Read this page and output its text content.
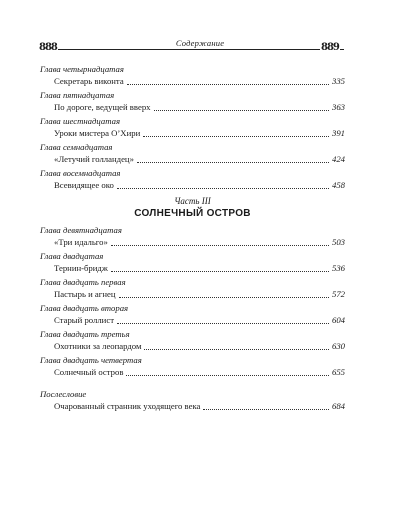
Содержание
888	889
Глава четырнадцатая
Секретарь виконта	335
Глава пятнадцатая
По дороге, ведущей вверх	363
Глава шестнадцатая
Уроки мистера О’Хири	391
Глава семнадцатая
«Летучий голландец»	424
Глава восемнадцатая
Всевидящее око	458
Часть III
СОЛНЕЧНЫЙ ОСТРОВ
Глава девятнадцатая
«Три идальго»	503
Глава двадцатая
Тернин-бридж	536
Глава двадцать первая
Пастырь и агнец	572
Глава двадцать вторая
Старый роллист	604
Глава двадцать третья
Охотники за леопардом	630
Глава двадцать четвертая
Солнечный остров	655
Послесловие
Очарованный странник уходящего века	684
